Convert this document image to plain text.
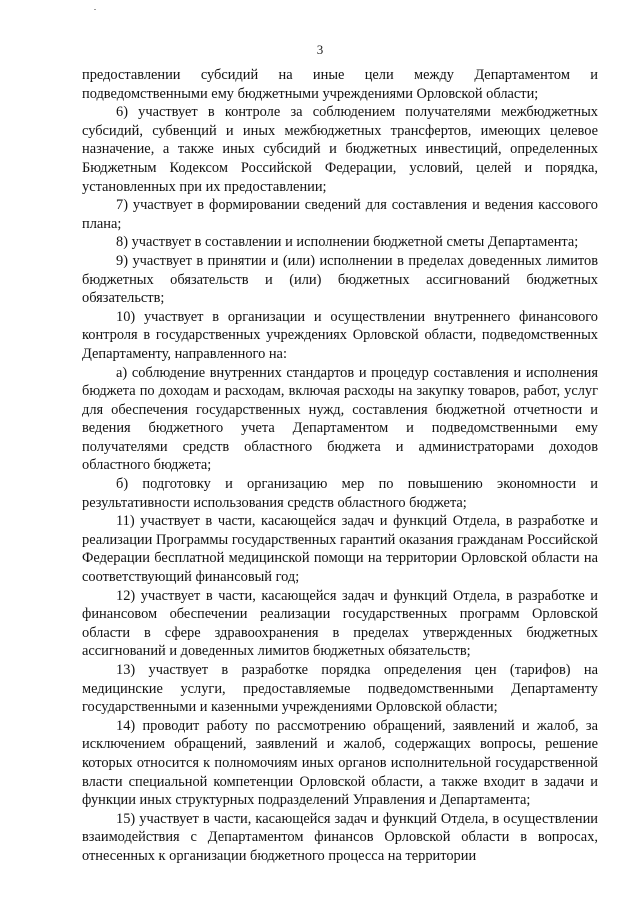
3

предоставлении субсидий на иные цели между Департаментом и подведомственными ему бюджетными учреждениями Орловской области;

6) участвует в контроле за соблюдением получателями межбюджетных субсидий, субвенций и иных межбюджетных трансфертов, имеющих целевое назначение, а также иных субсидий и бюджетных инвестиций, определенных Бюджетным Кодексом Российской Федерации, условий, целей и порядка, установленных при их предоставлении;

7) участвует в формировании сведений для составления и ведения кассового плана;

8) участвует в составлении и исполнении бюджетной сметы Департамента;

9) участвует в принятии и (или) исполнении в пределах доведенных лимитов бюджетных обязательств и (или) бюджетных ассигнований бюджетных обязательств;

10) участвует в организации и осуществлении внутреннего финансового контроля в государственных учреждениях Орловской области, подведомственных Департаменту, направленного на:

а) соблюдение внутренних стандартов и процедур составления и исполнения бюджета по доходам и расходам, включая расходы на закупку товаров, работ, услуг для обеспечения государственных нужд, составления бюджетной отчетности и ведения бюджетного учета Департаментом и подведомственными ему получателями средств областного бюджета и администраторами доходов областного бюджета;

б) подготовку и организацию мер по повышению экономности и результативности использования средств областного бюджета;

11) участвует в части, касающейся задач и функций Отдела, в разработке и реализации Программы государственных гарантий оказания гражданам Российской Федерации бесплатной медицинской помощи на территории Орловской области на соответствующий финансовый год;

12) участвует в части, касающейся задач и функций Отдела, в разработке и финансовом обеспечении реализации государственных программ Орловской области в сфере здравоохранения в пределах утвержденных бюджетных ассигнований и доведенных лимитов бюджетных обязательств;

13) участвует в разработке порядка определения цен (тарифов) на медицинские услуги, предоставляемые подведомственными Департаменту государственными и казенными учреждениями Орловской области;

14) проводит работу по рассмотрению обращений, заявлений и жалоб, за исключением обращений, заявлений и жалоб, содержащих вопросы, решение которых относится к полномочиям иных органов исполнительной государственной власти специальной компетенции Орловской области, а также входит в задачи и функции иных структурных подразделений Управления и Департамента;

15) участвует в части, касающейся задач и функций Отдела, в осуществлении взаимодействия с Департаментом финансов Орловской области в вопросах, отнесенных к организации бюджетного процесса на территории
